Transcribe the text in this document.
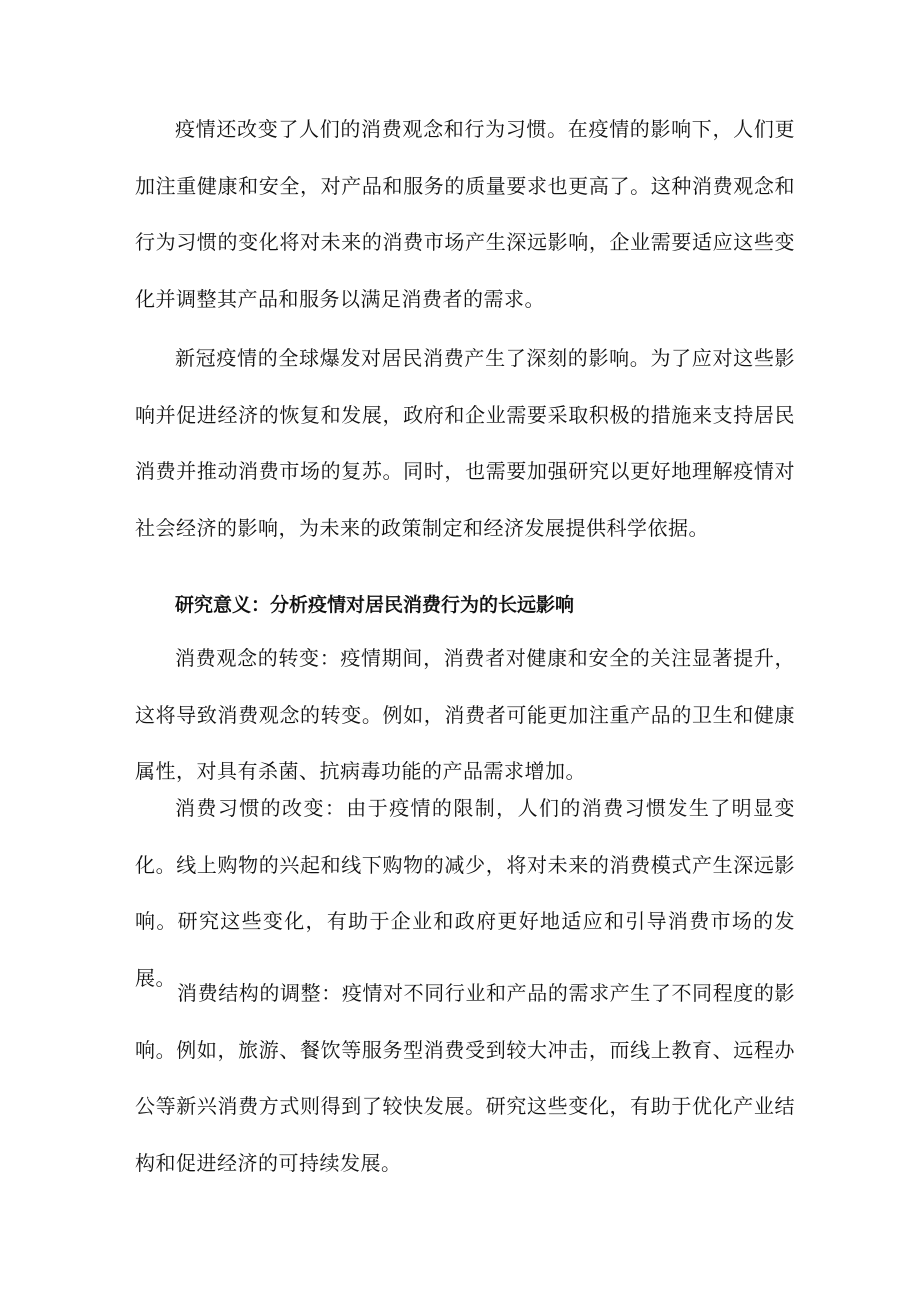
疫情还改变了人们的消费观念和行为习惯。在疫情的影响下，人们更加注重健康和安全，对产品和服务的质量要求也更高了。这种消费观念和行为习惯的变化将对未来的消费市场产生深远影响，企业需要适应这些变化并调整其产品和服务以满足消费者的需求。

新冠疫情的全球爆发对居民消费产生了深刻的影响。为了应对这些影响并促进经济的恢复和发展，政府和企业需要采取积极的措施来支持居民消费并推动消费市场的复苏。同时，也需要加强研究以更好地理解疫情对社会经济的影响，为未来的政策制定和经济发展提供科学依据。

研究意义：分析疫情对居民消费行为的长远影响

消费观念的转变：疫情期间，消费者对健康和安全的关注显著提升，这将导致消费观念的转变。例如，消费者可能更加注重产品的卫生和健康属性，对具有杀菌、抗病毒功能的产品需求增加。

消费习惯的改变：由于疫情的限制，人们的消费习惯发生了明显变化。线上购物的兴起和线下购物的减少，将对未来的消费模式产生深远影响。研究这些变化，有助于企业和政府更好地适应和引导消费市场的发展。

消费结构的调整：疫情对不同行业和产品的需求产生了不同程度的影响。例如，旅游、餐饮等服务型消费受到较大冲击，而线上教育、远程办公等新兴消费方式则得到了较快发展。研究这些变化，有助于优化产业结构和促进经济的可持续发展。
